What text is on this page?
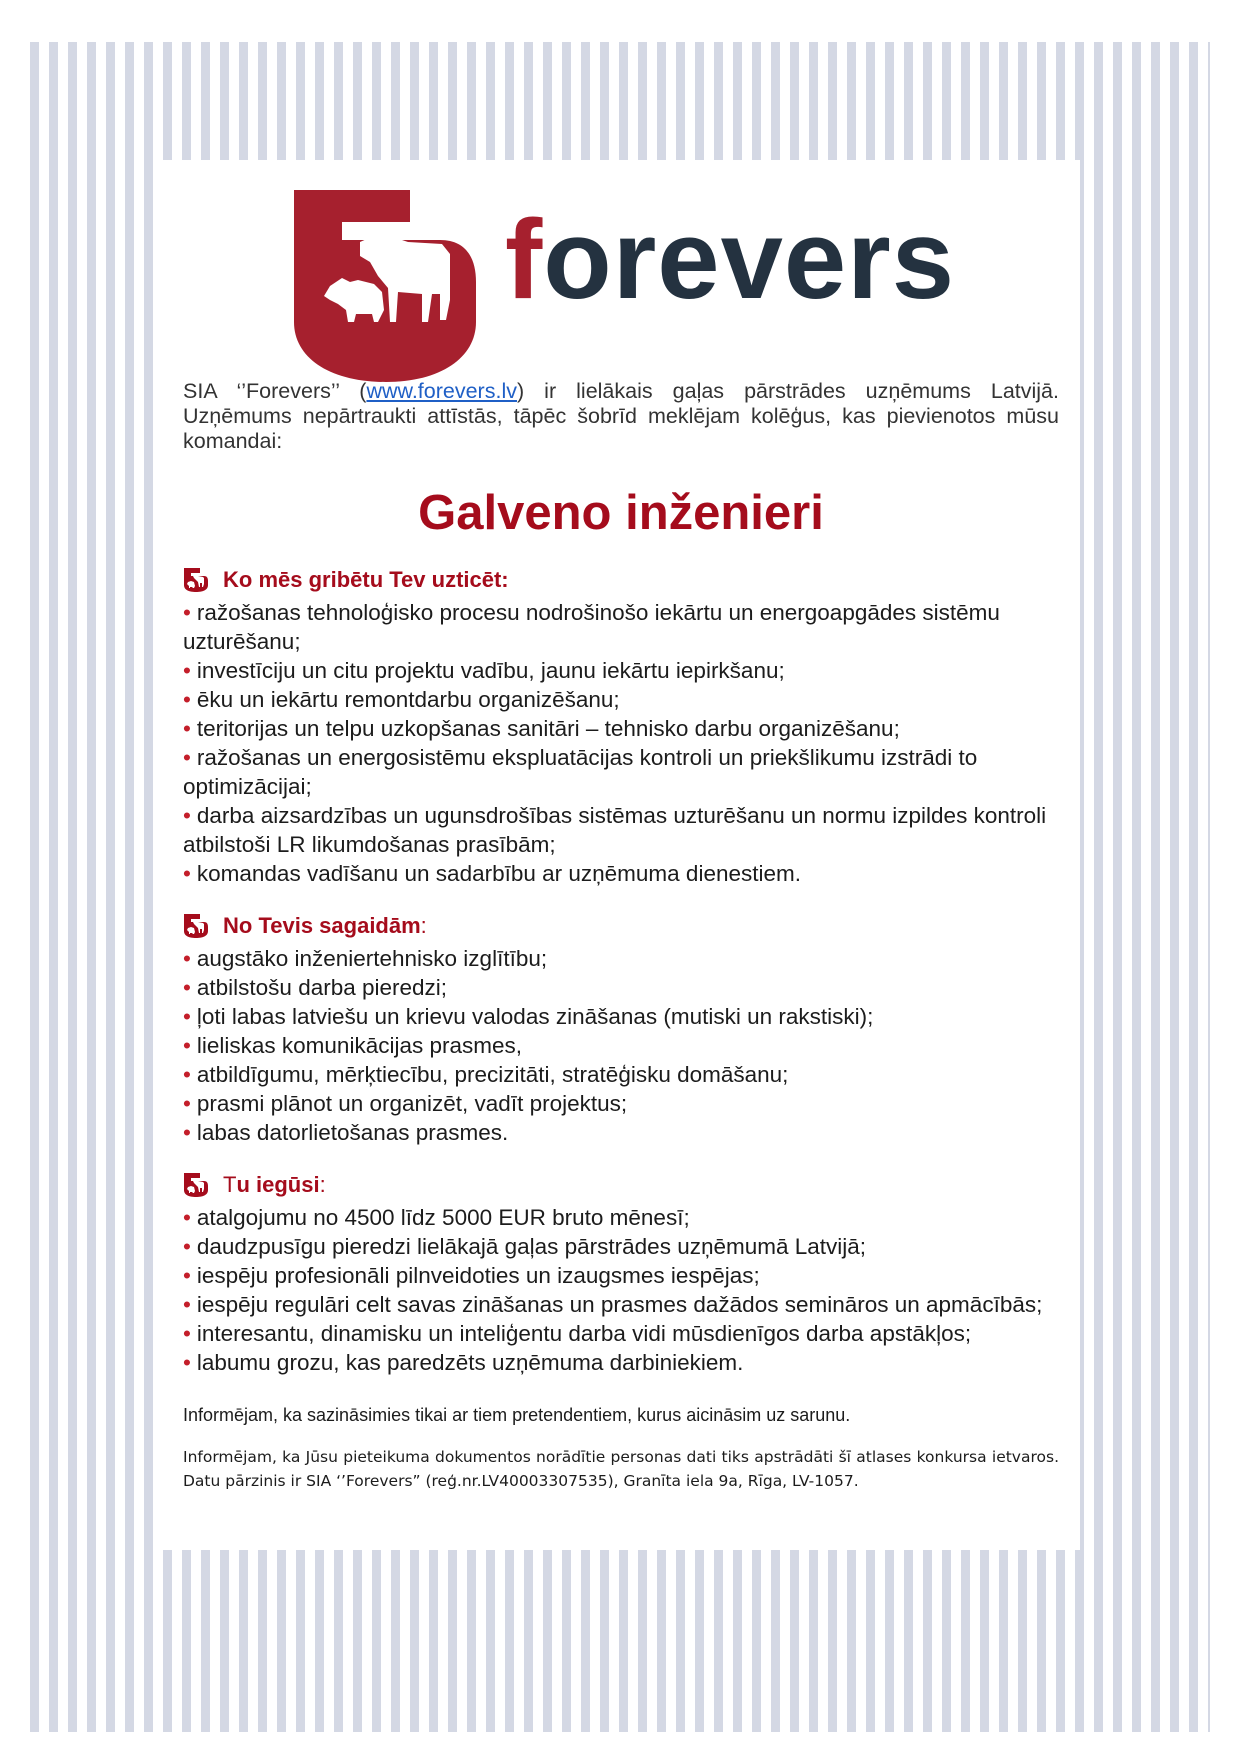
forevers

SIA ‘’Forevers’’ (www.forevers.lv) ir lielākais gaļas pārstrādes uzņēmums Latvijā. Uzņēmums nepārtraukti attīstās, tāpēc šobrīd meklējam kolēģus, kas pievienotos mūsu komandai:

Galveno inženieri
Ko mēs gribētu Tev uzticēt:
• ražošanas tehnoloģisko procesu nodrošinošo iekārtu un energoapgādes sistēmu uzturēšanu;
• investīciju un citu projektu vadību, jaunu iekārtu iepirkšanu;
• ēku un iekārtu remontdarbu organizēšanu;
• teritorijas un telpu uzkopšanas sanitāri – tehnisko darbu organizēšanu;
• ražošanas un energosistēmu ekspluatācijas kontroli un priekšlikumu izstrādi to optimizācijai;
• darba aizsardzības un ugunsdrošības sistēmas uzturēšanu un normu izpildes kontroli atbilstoši LR likumdošanas prasībām;
• komandas vadīšanu un sadarbību ar uzņēmuma dienestiem.
No Tevis sagaidām :
• augstāko inženiertehnisko izglītību;
• atbilstošu darba pieredzi;
• ļoti labas latviešu un krievu valodas zināšanas (mutiski un rakstiski);
• lieliskas komunikācijas prasmes,
• atbildīgumu, mērķtiecību, precizitāti, stratēģisku domāšanu;
• prasmi plānot un organizēt, vadīt projektus;
• labas datorlietošanas prasmes.
T u iegūsi :
• atalgojumu no 4500 līdz 5000 EUR bruto mēnesī;
• daudzpusīgu pieredzi lielākajā gaļas pārstrādes uzņēmumā Latvijā;
• iespēju profesionāli pilnveidoties un izaugsmes iespējas;
• iespēju regulāri celt savas zināšanas un prasmes dažādos semināros un apmācībās;
• interesantu, dinamisku un inteliģentu darba vidi mūsdienīgos darba apstākļos;
• labumu grozu, kas paredzēts uzņēmuma darbiniekiem.

Informējam, ka sazināsimies tikai ar tiem pretendentiem, kurus aicināsim uz sarunu.

Informējam, ka Jūsu pieteikuma dokumentos norādītie personas dati tiks apstrādāti šī atlases konkursa ietvaros. Datu pārzinis ir SIA ‘’Forevers” (reģ.nr.LV40003307535), Granīta iela 9a, Rīga, LV-1057.
